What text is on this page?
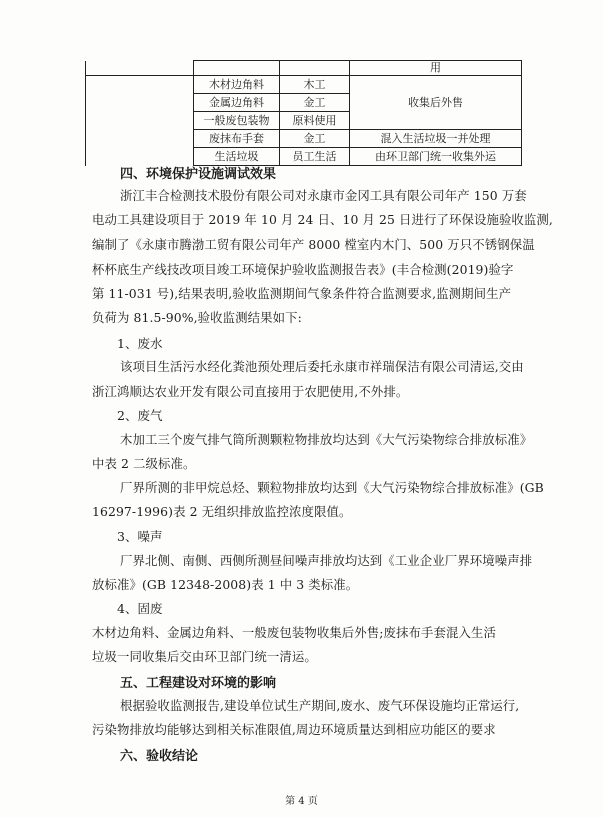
			用
	木材边角料	木工	收集后外售
	金属边角料	金工	
	一般废包装物	原料使用	
	废抹布手套	金工	混入生活垃圾一并处理
	生活垃圾	员工生活	由环卫部门统一收集外运
四、环境保护设施调试效果
浙江丰合检测技术股份有限公司对永康市金冈工具有限公司年产 150 万套
电动工具建设项目于 2019 年 10 月 24 日、10 月 25 日进行了环保设施验收监测,
编制了《永康市腾渤工贸有限公司年产 8000 樘室内木门、500 万只不锈钢保温
杯杯底生产线技改项目竣工环境保护验收监测报告表》(丰合检测(2019)验字
第 11-031 号),结果表明,验收监测期间气象条件符合监测要求,监测期间生产
负荷为 81.5-90%,验收监测结果如下:
1、废水
该项目生活污水经化粪池预处理后委托永康市祥瑞保洁有限公司清运,交由
浙江鸿顺达农业开发有限公司直接用于农肥使用,不外排。
2、废气
木加工三个废气排气筒所测颗粒物排放均达到《大气污染物综合排放标准》
中表 2 二级标准。
厂界所测的非甲烷总烃、颗粒物排放均达到《大气污染物综合排放标准》(GB
16297-1996)表 2 无组织排放监控浓度限值。
3、噪声
厂界北侧、南侧、西侧所测昼间噪声排放均达到《工业企业厂界环境噪声排
放标准》(GB 12348-2008)表 1 中 3 类标准。
4、固废
木材边角料、金属边角料、一般废包装物收集后外售;废抹布手套混入生活
垃圾一同收集后交由环卫部门统一清运。
五、工程建设对环境的影响
根据验收监测报告,建设单位试生产期间,废水、废气环保设施均正常运行,
污染物排放均能够达到相关标准限值,周边环境质量达到相应功能区的要求
六、验收结论
第 4 页
